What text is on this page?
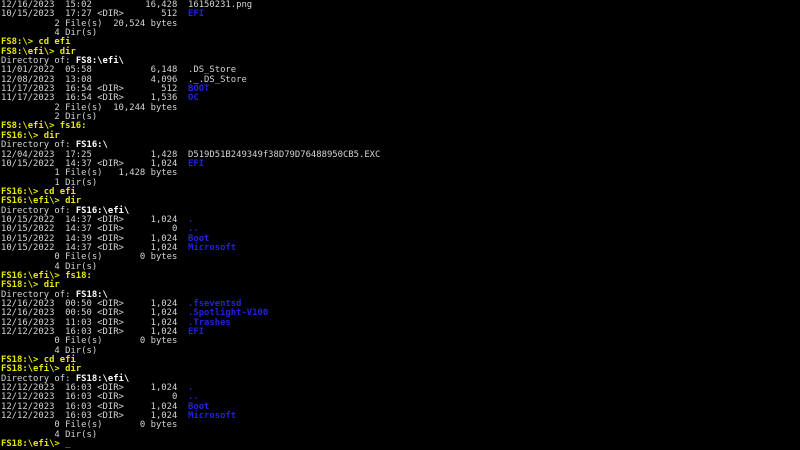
12/16/2023  15:02          16,428  16150231.png
10/15/2023  17:27 <DIR>       512  EFI
2 File(s)  20,524 bytes
4 Dir(s)
FS8:\> cd efi
FS8:\efi\> dir
Directory of: FS8:\efi\
11/01/2022  05:58           6,148  .DS_Store
12/08/2023  13:08           4,096  ._.DS_Store
11/17/2023  16:54 <DIR>       512  BOOT
11/17/2023  16:54 <DIR>     1,536  OC
2 File(s)  10,244 bytes
2 Dir(s)
FS8:\efi\> fs16:
FS16:\> dir
Directory of: FS16:\
12/04/2023  17:25           1,428  D519D51B249349f38D79D76488950CB5.EXC
10/15/2022  14:37 <DIR>     1,024  EFI
1 File(s)   1,428 bytes
1 Dir(s)
FS16:\> cd efi
FS16:\efi\> dir
Directory of: FS16:\efi\
10/15/2022  14:37 <DIR>     1,024  .
10/15/2022  14:37 <DIR>         0  ..
10/15/2022  14:39 <DIR>     1,024  Boot
10/15/2022  14:37 <DIR>     1,024  Microsoft
0 File(s)       0 bytes
4 Dir(s)
FS16:\efi\> fs18:
FS18:\> dir
Directory of: FS18:\
12/16/2023  00:50 <DIR>     1,024  .fseventsd
12/16/2023  00:50 <DIR>     1,024  .Spotlight-V100
12/16/2023  11:03 <DIR>     1,024  .Trashes
12/12/2023  16:03 <DIR>     1,024  EFI
0 File(s)       0 bytes
4 Dir(s)
FS18:\> cd efi
FS18:\efi\> dir
Directory of: FS18:\efi\
12/12/2023  16:03 <DIR>     1,024  .
12/12/2023  16:03 <DIR>         0  ..
12/12/2023  16:03 <DIR>     1,024  Boot
12/12/2023  16:03 <DIR>     1,024  Microsoft
0 File(s)       0 bytes
4 Dir(s)
FS18:\efi\> _
